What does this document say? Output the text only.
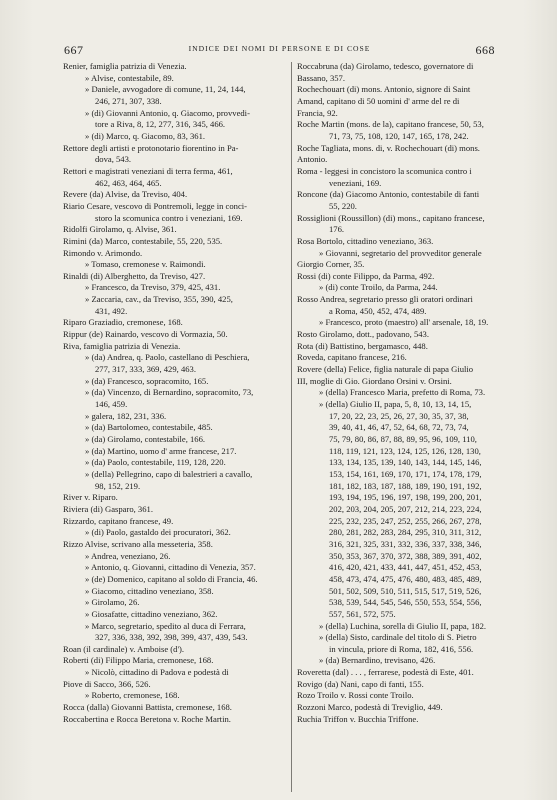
667	INDICE DEI NOMI DI PERSONE E DI COSE	668
Renier, famiglia patrizia di Venezia.
» Alvise, contestabile, 89.
» Daniele, avvogadore di comune, 11, 24, 144,
246, 271, 307, 338.
» (di) Giovanni Antonio, q. Giacomo, provvedi-
tore a Riva, 8, 12, 277, 316, 345, 466.
» (di) Marco, q. Giacomo, 83, 361.
Rettore degli artisti e protonotario fiorentino in Pa-
dova, 543.
Rettori e magistrati veneziani di terra ferma, 461,
462, 463, 464, 465.
Revere (da) Alvise, da Treviso, 404.
Riario Cesare, vescovo di Pontremoli, legge in conci-
storo la scomunica contro i veneziani, 169.
Ridolfi Girolamo, q. Alvise, 361.
Rimini (da) Marco, contestabile, 55, 220, 535.
Rimondo v. Arimondo.
» Tomaso, cremonese v. Raimondi.
Rinaldi (di) Alberghetto, da Treviso, 427.
» Francesco, da Treviso, 379, 425, 431.
» Zaccaria, cav., da Treviso, 355, 390, 425,
431, 492.
Riparo Graziadio, cremonese, 168.
Rippur (de) Rainardo, vescovo di Vormazia, 50.
Riva, famiglia patrizia di Venezia.
» (da) Andrea, q. Paolo, castellano di Peschiera,
277, 317, 333, 369, 429, 463.
» (da) Francesco, sopracomito, 165.
» (da) Vincenzo, di Bernardino, sopracomito, 73,
146, 459.
» galera, 182, 231, 336.
» (da) Bartolomeo, contestabile, 485.
» (da) Girolamo, contestabile, 166.
» (da) Martino, uomo d' arme francese, 217.
» (da) Paolo, contestabile, 119, 128, 220.
» (della) Pellegrino, capo di balestrieri a cavallo,
98, 152, 219.
River v. Riparo.
Riviera (di) Gasparo, 361.
Rizzardo, capitano francese, 49.
» (di) Paolo, gastaldo dei procuratori, 362.
Rizzo Alvise, scrivano alla messeteria, 358.
» Andrea, veneziano, 26.
» Antonio, q. Giovanni, cittadino di Venezia, 357.
» (de) Domenico, capitano al soldo di Francia, 46.
» Giacomo, cittadino veneziano, 358.
» Girolamo, 26.
» Giosafatte, cittadino veneziano, 362.
» Marco, segretario, spedito al duca di Ferrara,
327, 336, 338, 392, 398, 399, 437, 439, 543.
Roan (il cardinale) v. Amboise (d').
Roberti (di) Filippo Maria, cremonese, 168.
» Nicolò, cittadino di Padova e podestà di
Piove di Sacco, 366, 526.
» Roberto, cremonese, 168.
Rocca (dalla) Giovanni Battista, cremonese, 168.
Roccabertina e Rocca Beretona v. Roche Martin.
Roccabruna (da) Girolamo, tedesco, governatore di
Bassano, 357.
Rochechouart (di) mons. Antonio, signore di Saint
Amand, capitano di 50 uomini d' arme del re di
Francia, 92.
Roche Martin (mons. de la), capitano francese, 50, 53,
71, 73, 75, 108, 120, 147, 165, 178, 242.
Roche Tagliata, mons. di, v. Rochechouart (di) mons.
Antonio.
Roma - leggesi in concistoro la scomunica contro i
veneziani, 169.
Roncone (da) Giacomo Antonio, contestabile di fanti
55, 220.
Rossiglioni (Roussillon) (di) mons., capitano francese,
176.
Rosa Bortolo, cittadino veneziano, 363.
» Giovanni, segretario del provveditor generale
Giorgio Corner, 35.
Rossi (di) conte Filippo, da Parma, 492.
» (di) conte Troilo, da Parma, 244.
Rosso Andrea, segretario presso gli oratori ordinari
a Roma, 450, 452, 474, 489.
» Francesco, proto (maestro) all' arsenale, 18, 19.
Rosto Girolamo, dott., padovano, 543.
Rota (di) Battistino, bergamasco, 448.
Roveda, capitano francese, 216.
Rovere (della) Felice, figlia naturale di papa Giulio
III, moglie di Gio. Giordano Orsini v. Orsini.
» (della) Francesco Maria, prefetto di Roma, 73.
» (della) Giulio II, papa, 5, 8, 10, 13, 14, 15,
17, 20, 22, 23, 25, 26, 27, 30, 35, 37, 38,
39, 40, 41, 46, 47, 52, 64, 68, 72, 73, 74,
75, 79, 80, 86, 87, 88, 89, 95, 96, 109, 110,
118, 119, 121, 123, 124, 125, 126, 128, 130,
133, 134, 135, 139, 140, 143, 144, 145, 146,
153, 154, 161, 169, 170, 171, 174, 178, 179,
181, 182, 183, 187, 188, 189, 190, 191, 192,
193, 194, 195, 196, 197, 198, 199, 200, 201,
202, 203, 204, 205, 207, 212, 214, 223, 224,
225, 232, 235, 247, 252, 255, 266, 267, 278,
280, 281, 282, 283, 284, 295, 310, 311, 312,
316, 321, 325, 331, 332, 336, 337, 338, 346,
350, 353, 367, 370, 372, 388, 389, 391, 402,
416, 420, 421, 433, 441, 447, 451, 452, 453,
458, 473, 474, 475, 476, 480, 483, 485, 489,
501, 502, 509, 510, 511, 515, 517, 519, 526,
538, 539, 544, 545, 546, 550, 553, 554, 556,
557, 561, 572, 575.
» (della) Luchina, sorella di Giulio II, papa, 182.
» (della) Sisto, cardinale del titolo di S. Pietro
in vincula, priore di Roma, 182, 416, 556.
» (da) Bernardino, trevisano, 426.
Roveretta (dal) . . . , ferrarese, podestà di Este, 401.
Rovigo (da) Nani, capo di fanti, 155.
Rozo Troilo v. Rossi conte Troilo.
Rozzoni Marco, podestà di Treviglio, 449.
Ruchia Triffon v. Bucchia Triffone.
